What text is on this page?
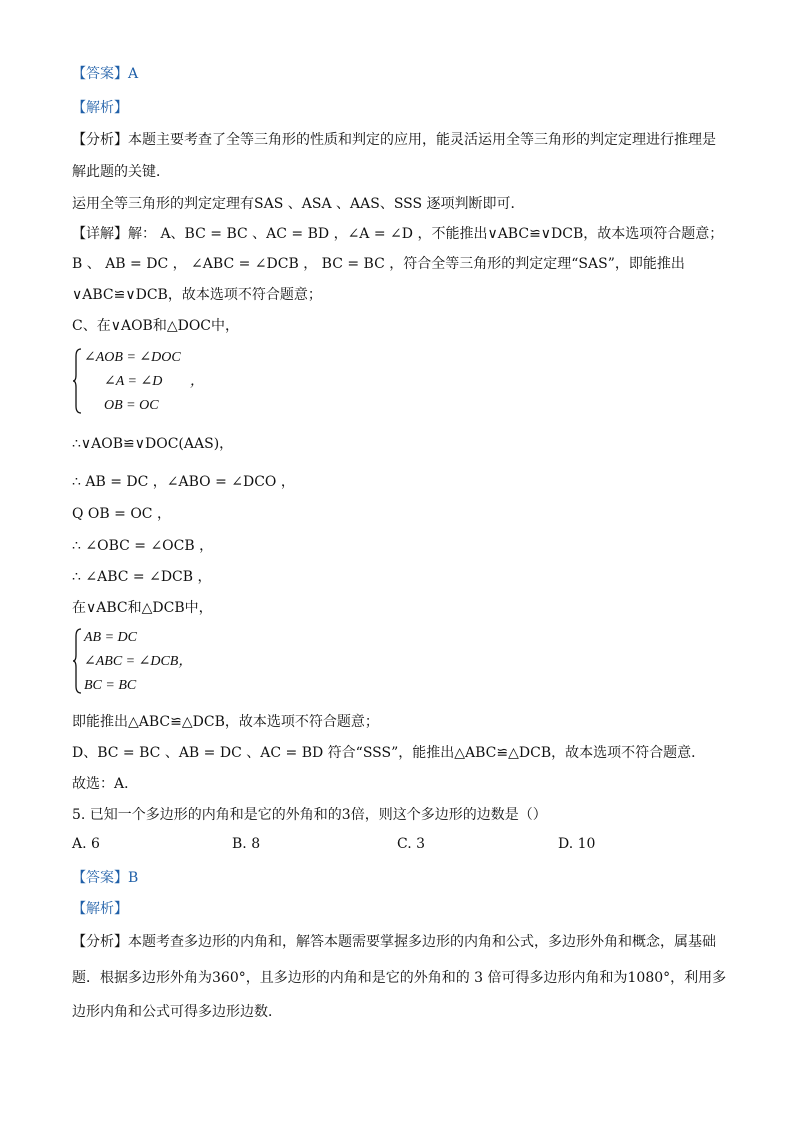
【答案】A
【解析】
【分析】本题主要考查了全等三角形的性质和判定的应用，能灵活运用全等三角形的判定定理进行推理是
解此题的关键．
运用全等三角形的判定定理有SAS 、ASA 、AAS、SSS 逐项判断即可．
【详解】解： A、BC = BC 、AC = BD ，∠A = ∠D ，不能推出∨ABC≌∨DCB，故本选项符合题意；
B 、 AB = DC ， ∠ABC = ∠DCB ， BC = BC ，符合全等三角形的判定定理“SAS”，即能推出
∨ABC≌∨DCB，故本选项不符合题意；
C、在∨AOB和△DOC中，
∠AOB = ∠DOC
∠A = ∠D ，
OB = OC
∴∨AOB≌∨DOC(AAS)，
∴ AB = DC ，∠ABO = ∠DCO ，
Q OB = OC ，
∴ ∠OBC = ∠OCB ，
∴ ∠ABC = ∠DCB ，
在∨ABC和△DCB中，
AB = DC
∠ABC = ∠DCB，
BC = BC
即能推出△ABC≌△DCB，故本选项不符合题意；
D、BC = BC 、AB = DC 、AC = BD 符合“SSS”，能推出△ABC≌△DCB，故本选项不符合题意．
故选：A．
5. 已知一个多边形的内角和是它的外角和的3倍，则这个多边形的边数是（）
A. 6	B. 8	C. 3	D. 10
【答案】B
【解析】
【分析】本题考查多边形的内角和，解答本题需要掌握多边形的内角和公式，多边形外角和概念，属基础
题．根据多边形外角为360°，且多边形的内角和是它的外角和的 3 倍可得多边形内角和为1080°，利用多
边形内角和公式可得多边形边数．
